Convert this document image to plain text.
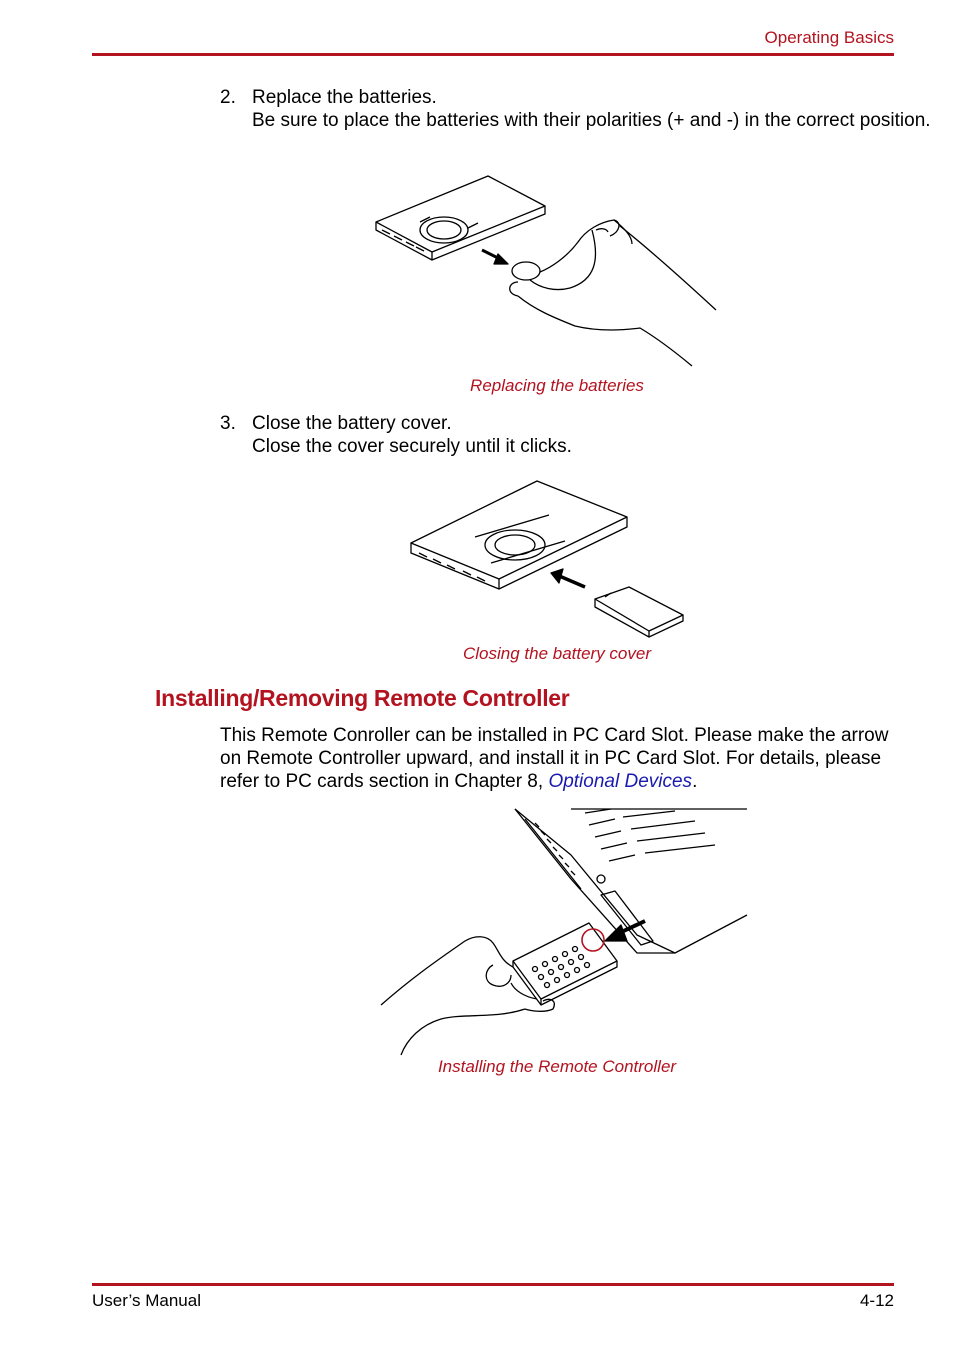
Operating Basics
2. Replace the batteries.
Be sure to place the batteries with their polarities (+ and -) in the correct position.
Replacing the batteries
3. Close the battery cover.
Close the cover securely until it clicks.
Closing the battery cover
Installing/Removing Remote Controller
This Remote Conroller can be installed in PC Card Slot. Please make the arrow on Remote Controller upward, and install it in PC Card Slot. For details, please refer to PC cards section in Chapter 8, Optional Devices.
Installing the Remote Controller
User’s Manual	4-12
